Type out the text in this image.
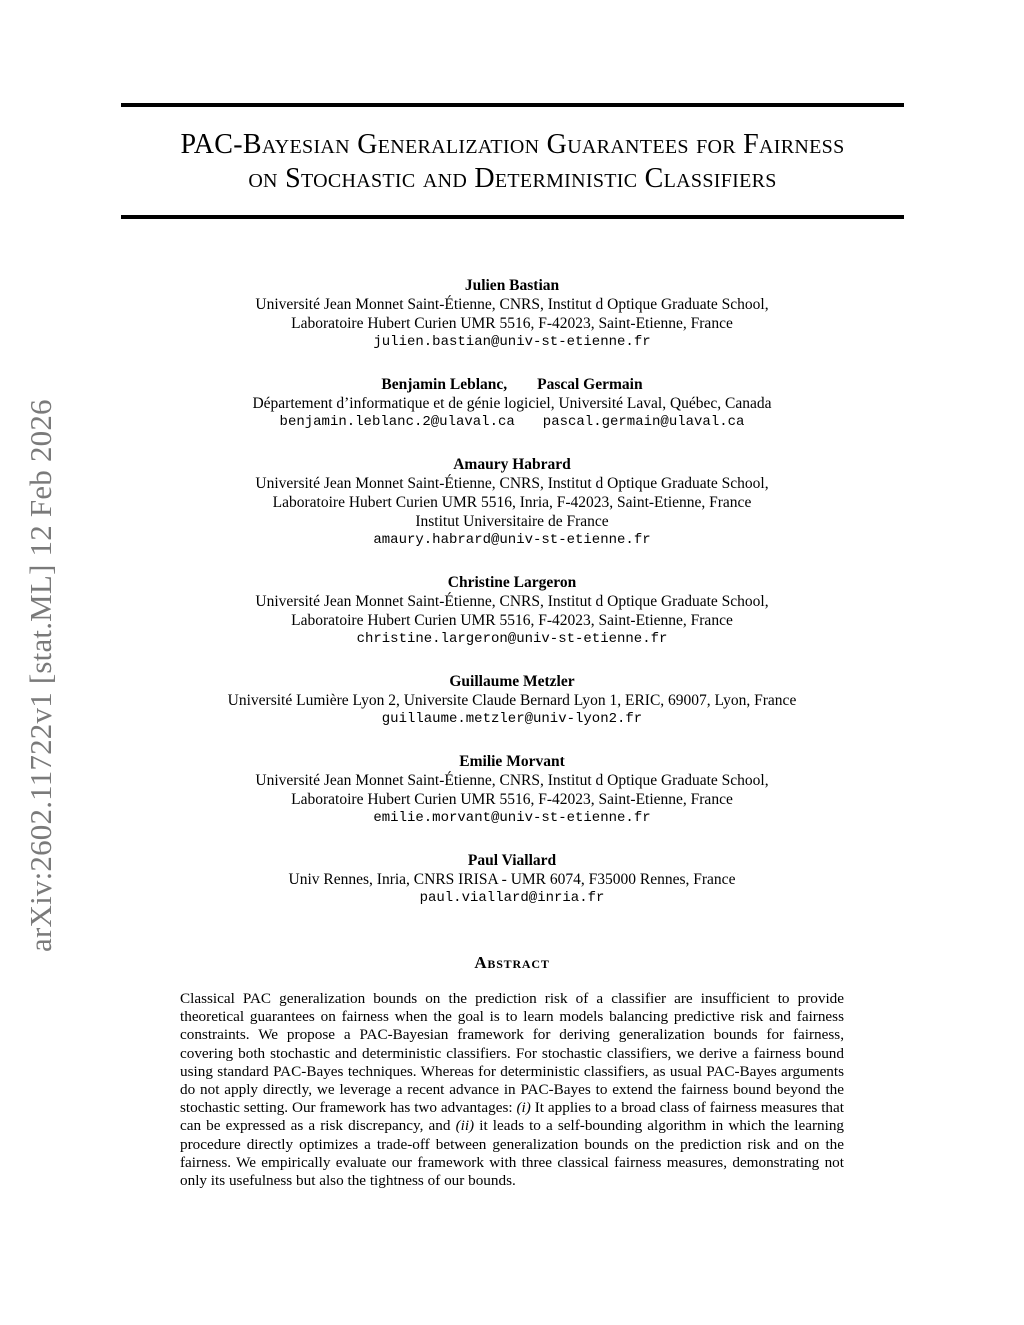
arXiv:2602.11722v1 [stat.ML] 12 Feb 2026
PAC-Bayesian Generalization Guarantees for Fairness
on Stochastic and Deterministic Classifiers
Julien Bastian
Université Jean Monnet Saint-Étienne, CNRS, Institut d Optique Graduate School,
Laboratoire Hubert Curien UMR 5516, F-42023, Saint-Etienne, France
julien.bastian@univ-st-etienne.fr
Benjamin Leblanc, Pascal Germain
Département d’informatique et de génie logiciel, Université Laval, Québec, Canada
benjamin.leblanc.2@ulaval.ca pascal.germain@ulaval.ca
Amaury Habrard
Université Jean Monnet Saint-Étienne, CNRS, Institut d Optique Graduate School,
Laboratoire Hubert Curien UMR 5516, Inria, F-42023, Saint-Etienne, France
Institut Universitaire de France
amaury.habrard@univ-st-etienne.fr
Christine Largeron
Université Jean Monnet Saint-Étienne, CNRS, Institut d Optique Graduate School,
Laboratoire Hubert Curien UMR 5516, F-42023, Saint-Etienne, France
christine.largeron@univ-st-etienne.fr
Guillaume Metzler
Université Lumière Lyon 2, Universite Claude Bernard Lyon 1, ERIC, 69007, Lyon, France
guillaume.metzler@univ-lyon2.fr
Emilie Morvant
Université Jean Monnet Saint-Étienne, CNRS, Institut d Optique Graduate School,
Laboratoire Hubert Curien UMR 5516, F-42023, Saint-Etienne, France
emilie.morvant@univ-st-etienne.fr
Paul Viallard
Univ Rennes, Inria, CNRS IRISA - UMR 6074, F35000 Rennes, France
paul.viallard@inria.fr
Abstract

Classical PAC generalization bounds on the prediction risk of a classifier are insufficient to provide theoretical guarantees on fairness when the goal is to learn models balancing predictive risk and fairness constraints. We propose a PAC-Bayesian framework for deriving generalization bounds for fairness, covering both stochastic and deterministic classifiers. For stochastic classifiers, we derive a fairness bound using standard PAC-Bayes techniques. Whereas for deterministic classifiers, as usual PAC-Bayes arguments do not apply directly, we leverage a recent advance in PAC-Bayes to extend the fairness bound beyond the stochastic setting. Our framework has two advantages: (i) It applies to a broad class of fairness measures that can be expressed as a risk discrepancy, and (ii) it leads to a self-bounding algorithm in which the learning procedure directly optimizes a trade-off between generalization bounds on the prediction risk and on the fairness. We empirically evaluate our framework with three classical fairness measures, demonstrating not only its usefulness but also the tightness of our bounds.
